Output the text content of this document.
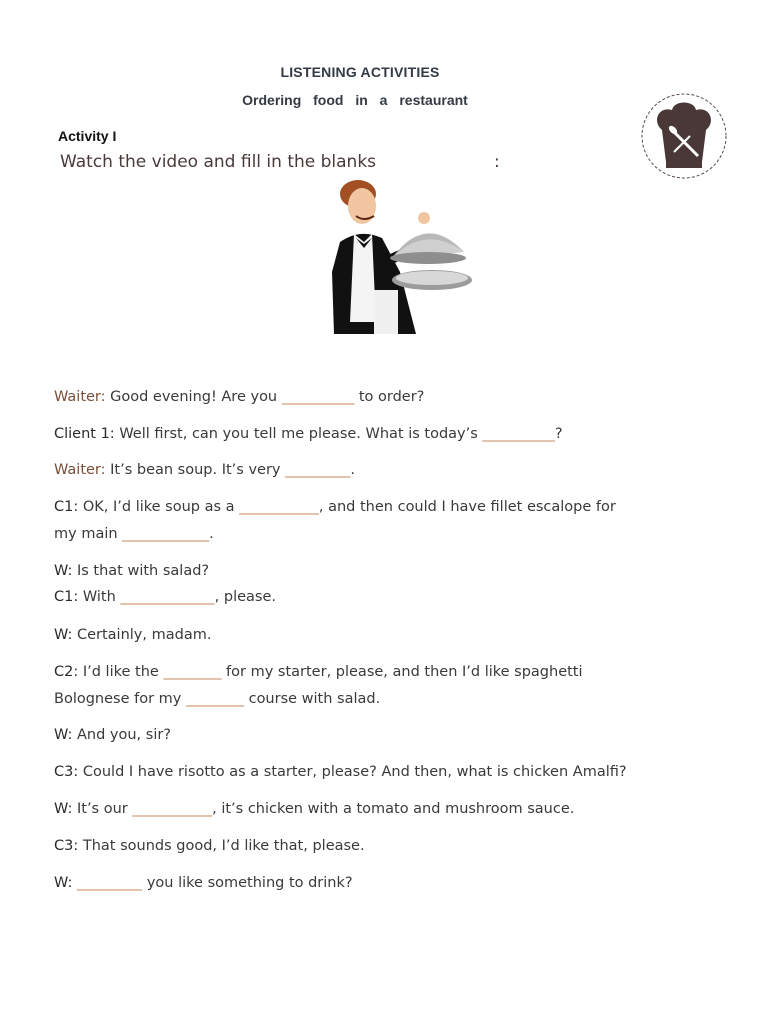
LISTENING ACTIVITIES
Ordering food in a restaurant
Activity I
Watch the video and fill in the blanks	:
Waiter: Good evening! Are you __________ to order?
Client 1: Well first, can you tell me please. What is today’s __________?
Waiter: It’s bean soup. It’s very _________.
C1: OK, I’d like soup as a ___________, and then could I have fillet escalope for
my main ____________.
W: Is that with salad?
C1: With _____________, please.
W: Certainly, madam.
C2: I’d like the ________ for my starter, please, and then I’d like spaghetti
Bolognese for my ________ course with salad.
W: And you, sir?
C3: Could I have risotto as a starter, please? And then, what is chicken Amalfi?
W: It’s our ___________, it’s chicken with a tomato and mushroom sauce.
C3: That sounds good, I’d like that, please.
W: _________ you like something to drink?
